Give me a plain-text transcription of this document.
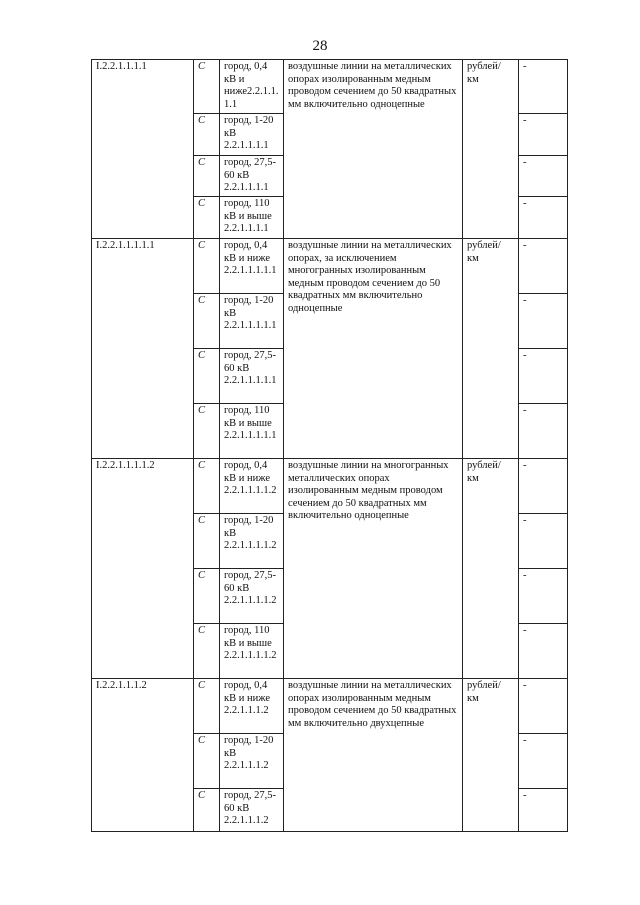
28
I.2.2.1.1.1.1	С	город, 0,4 кВ и ниже2.2.1.1.1.1	воздушные линии на металлических опорах изолированным медным проводом сечением до 50 квадратных мм включительно одноцепные	рублей/ км	-
	С	город, 1-20 кВ 2.2.1.1.1.1			-
	С	город, 27,5-60 кВ 2.2.1.1.1.1			-
	С	город, 110 кВ и выше 2.2.1.1.1.1			-
I.2.2.1.1.1.1.1	С	город, 0,4 кВ и ниже 2.2.1.1.1.1.1	воздушные линии на металлических опорах, за исключением многогранных изолированным медным проводом сечением до 50 квадратных мм включительно одноцепные	рублей/ км	-
	С	город, 1-20 кВ 2.2.1.1.1.1.1			-
	С	город, 27,5-60 кВ 2.2.1.1.1.1.1			-
	С	город, 110 кВ и выше 2.2.1.1.1.1.1			-
I.2.2.1.1.1.1.2	С	город, 0,4 кВ и ниже 2.2.1.1.1.1.2	воздушные линии на многогранных металлических опорах изолированным медным проводом сечением до 50 квадратных мм включительно одноцепные	рублей/ км	-
	С	город, 1-20 кВ 2.2.1.1.1.1.2			-
	С	город, 27,5-60 кВ 2.2.1.1.1.1.2			-
	С	город, 110 кВ и выше 2.2.1.1.1.1.2			-
I.2.2.1.1.1.2	С	город, 0,4 кВ и ниже 2.2.1.1.1.2	воздушные линии на металлических опорах изолированным медным проводом сечением до 50 квадратных мм включительно двухцепные	рублей/ км	-
	С	город, 1-20 кВ 2.2.1.1.1.2			-
	С	город, 27,5-60 кВ 2.2.1.1.1.2			-
